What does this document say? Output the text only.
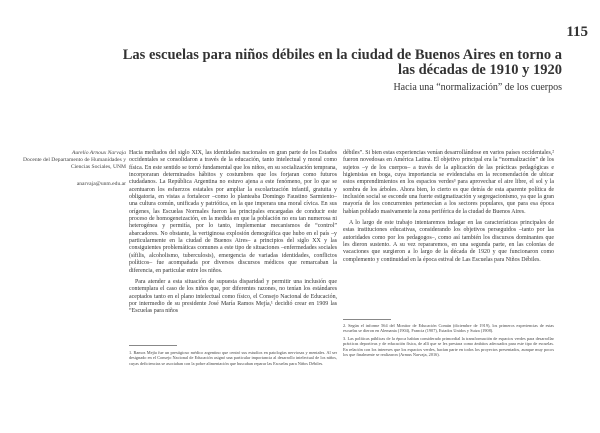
115
Las escuelas para niños débiles en la ciudad de Buenos Aires en torno a las décadas de 1910 y 1920
Hacia una “normalización” de los cuerpos
Aurelio Arnoux Narvaja
Docente del Departamento de Humanidades y Ciencias Sociales, UNM
anarvaja@unm.edu.ar

Hacia mediados del siglo XIX, las identidades nacionales en gran parte de los Estados occidentales se consolidaron a través de la educación, tanto intelectual y moral como física. En este sentido se tornó fundamental que los niños, en su socialización temprana, incorporaran determinados hábitos y costumbres que los forjaran como futuros ciudadanos. La República Argentina no estuvo ajena a este fenómeno, por lo que se acentuaron los esfuerzos estatales por ampliar la escolarización infantil, gratuita y obligatoria, en vistas a fortalecer –como lo planteaba Domingo Faustino Sarmiento– una cultura común, unificada y patriótica, en la que imperara una moral cívica. En sus orígenes, las Escuelas Normales fueron las principales encargadas de conducir este proceso de homogeneización, en la medida en que la población no era tan numerosa ni heterogénea y permitía, por lo tanto, implementar mecanismos de “control” abarcadores. No obstante, la vertiginosa explosión demográfica que hubo en el país –y particularmente en la ciudad de Buenos Aires– a principios del siglo XX y las consiguientes problemáticas comunes a este tipo de situaciones –enfermedades sociales (sífilis, alcoholismo, tuberculosis), emergencia de variadas identidades, conflictos políticos– fue acompañada por diversos discursos médicos que remarcaban la diferencia, en particular entre los niños.

Para atender a esta situación de supuesta disparidad y permitir una inclusión que contemplara el caso de los niños que, por diferentes razones, no tenían los estándares aceptados tanto en el plano intelectual como físico, el Consejo Nacional de Educación, por intermedio de su presidente José María Ramos Mejía,¹ decidió crear en 1909 las “Escuelas para niños

débiles”. Si bien estas experiencias venían desarrollándose en varios países occidentales,² fueron novedosas en América Latina. El objetivo principal era la “normalización” de los sujetos –y de los cuerpos– a través de la aplicación de las prácticas pedagógicas e higienistas en boga, cuya importancia se evidenciaba en la recomendación de ubicar estos emprendimientos en los espacios verdes³ para aprovechar el aire libre, el sol y la sombra de los árboles. Ahora bien, lo cierto es que detrás de esta aparente política de inclusión social se esconde una fuerte estigmatización y segregacionismo, ya que la gran mayoría de los concurrentes pertenecían a los sectores populares, que para esa época habían poblado masivamente la zona periférica de la ciudad de Buenos Aires.

A lo largo de este trabajo intentaremos indagar en las características principales de estas instituciones educativas, considerando los objetivos perseguidos –tanto por las autoridades como por los pedagogos–, como así también los discursos dominantes que les dieron sustento. A su vez repararemos, en una segunda parte, en las colonias de vacaciones que surgieron a lo largo de la década de 1920 y que funcionaron como complemento y continuidad en la época estival de Las Escuelas para Niños Débiles.

1. Ramos Mejía fue un prestigioso médico argentino que centró sus estudios en patologías nerviosas y mentales. Al ser designado en el Consejo Nacional de Educación asignó una particular importancia al desarrollo intelectual de los niños, cuyas deficiencias se asociaban con la pobre alimentación que buscaban reparar las Escuelas para Niños Débiles.

2. Según el informe 564 del Monitor de Educación Común (diciembre de 1919), los primeros experiencias de estas escuelas se dieron en Alemania (1904), Francia (1907), Estados Unidos y Suiza (1908).

3. Las políticas públicas de la época habían considerado primordial la transformación de espacios verdes para desarrollar prácticas deportivas y de educación física, de allí que se les prestara como ámbitos adecuados para este tipo de escuelas. En relación con los intereses que los espacios verdes, hacían parte en todos los proyectos presentados, aunque muy pocos los que finalmente se realizaron (Armus Narvaja, 2016).
